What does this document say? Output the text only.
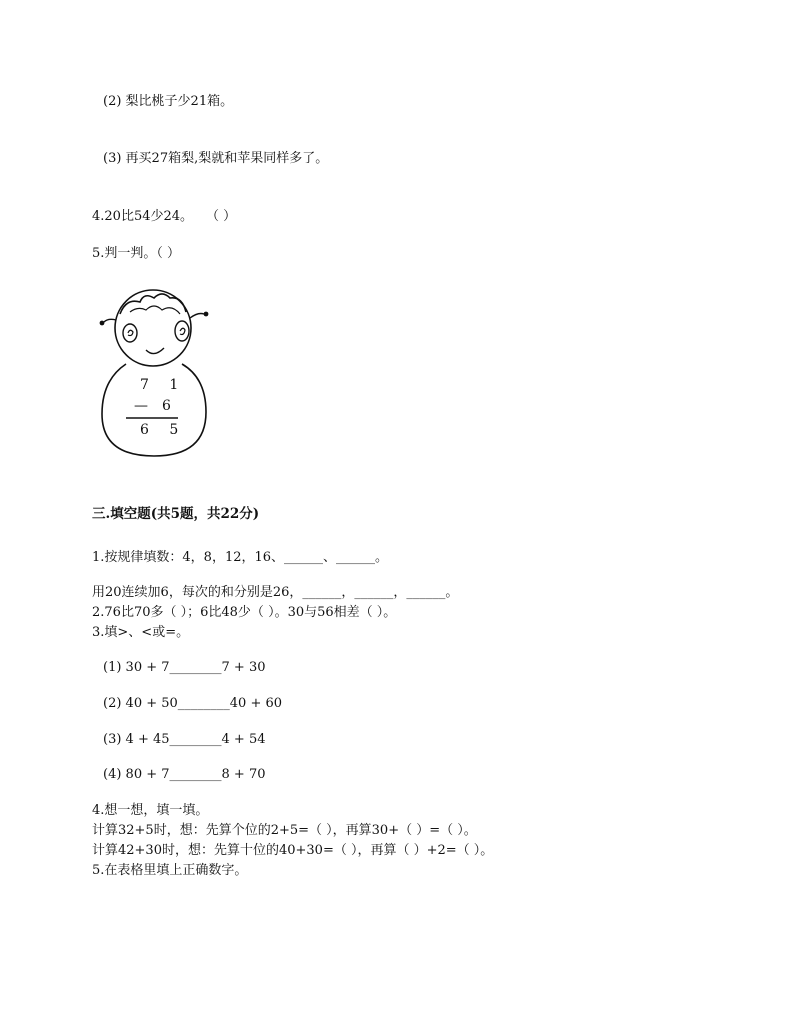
(2) 梨比桃子少21箱。
(3) 再买27箱梨,梨就和苹果同样多了。
4.20比54少24。　　（ ）
5.判一判。（ ）
7 1
— 6
6 5
三.填空题(共5题，共22分)
1.按规律填数：4，8，12，16、______、______。
用20连续加6，每次的和分别是26，______，______，______。
2.76比70多（ ）；6比48少（ ）。30与56相差（ ）。
3.填>、<或=。
(1) 30 + 7________7 + 30
(2) 40 + 50________40 + 60
(3) 4 + 45________4 + 54
(4) 80 + 7________8 + 70
4.想一想，填一填。
计算32+5时，想：先算个位的2+5=（ ），再算30+（ ）=（ ）。
计算42+30时，想：先算十位的40+30=（ ），再算（ ）+2=（ ）。
5.在表格里填上正确数字。
